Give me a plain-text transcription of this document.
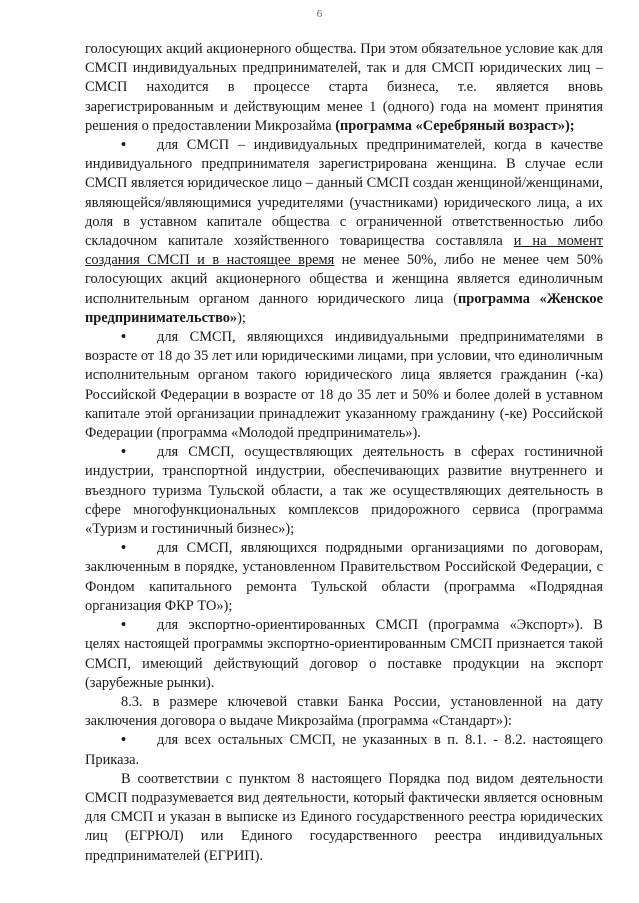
6

голосующих акций акционерного общества. При этом обязательное условие как для СМСП индивидуальных предпринимателей, так и для СМСП юридических лиц – СМСП находится в процессе старта бизнеса, т.е. является вновь зарегистрированным и действующим менее 1 (одного) года на момент принятия решения о предоставлении Микрозайма (программа «Серебряный возраст»);

• для СМСП – индивидуальных предпринимателей, когда в качестве индивидуального предпринимателя зарегистрирована женщина. В случае если СМСП является юридическое лицо – данный СМСП создан женщиной/женщинами, являющейся/являющимися учредителями (участниками) юридического лица, а их доля в уставном капитале общества с ограниченной ответственностью либо складочном капитале хозяйственного товарищества составляла и на момент создания СМСП и в настоящее время не менее 50%, либо не менее чем 50% голосующих акций акционерного общества и женщина является единоличным исполнительным органом данного юридического лица (программа «Женское предпринимательство»);

• для СМСП, являющихся индивидуальными предпринимателями в возрасте от 18 до 35 лет или юридическими лицами, при условии, что единоличным исполнительным органом такого юридического лица является гражданин (-ка) Российской Федерации в возрасте от 18 до 35 лет и 50% и более долей в уставном капитале этой организации принадлежит указанному гражданину (-ке) Российской Федерации (программа «Молодой предприниматель»).

• для СМСП, осуществляющих деятельность в сферах гостиничной индустрии, транспортной индустрии, обеспечивающих развитие внутреннего и въездного туризма Тульской области, а так же осуществляющих деятельность в сфере многофункциональных комплексов придорожного сервиса (программа «Туризм и гостиничный бизнес»);

• для СМСП, являющихся подрядными организациями по договорам, заключенным в порядке, установленном Правительством Российской Федерации, с Фондом капитального ремонта Тульской области (программа «Подрядная организация ФКР ТО»);

• для экспортно-ориентированных СМСП (программа «Экспорт»). В целях настоящей программы экспортно-ориентированным СМСП признается такой СМСП, имеющий действующий договор о поставке продукции на экспорт (зарубежные рынки).

8.3. в размере ключевой ставки Банка России, установленной на дату заключения договора о выдаче Микрозайма (программа «Стандарт»):

• для всех остальных СМСП, не указанных в п. 8.1. - 8.2. настоящего Приказа.

В соответствии с пунктом 8 настоящего Порядка под видом деятельности СМСП подразумевается вид деятельности, который фактически является основным для СМСП и указан в выписке из Единого государственного реестра юридических лиц (ЕГРЮЛ) или Единого государственного реестра индивидуальных предпринимателей (ЕГРИП).
